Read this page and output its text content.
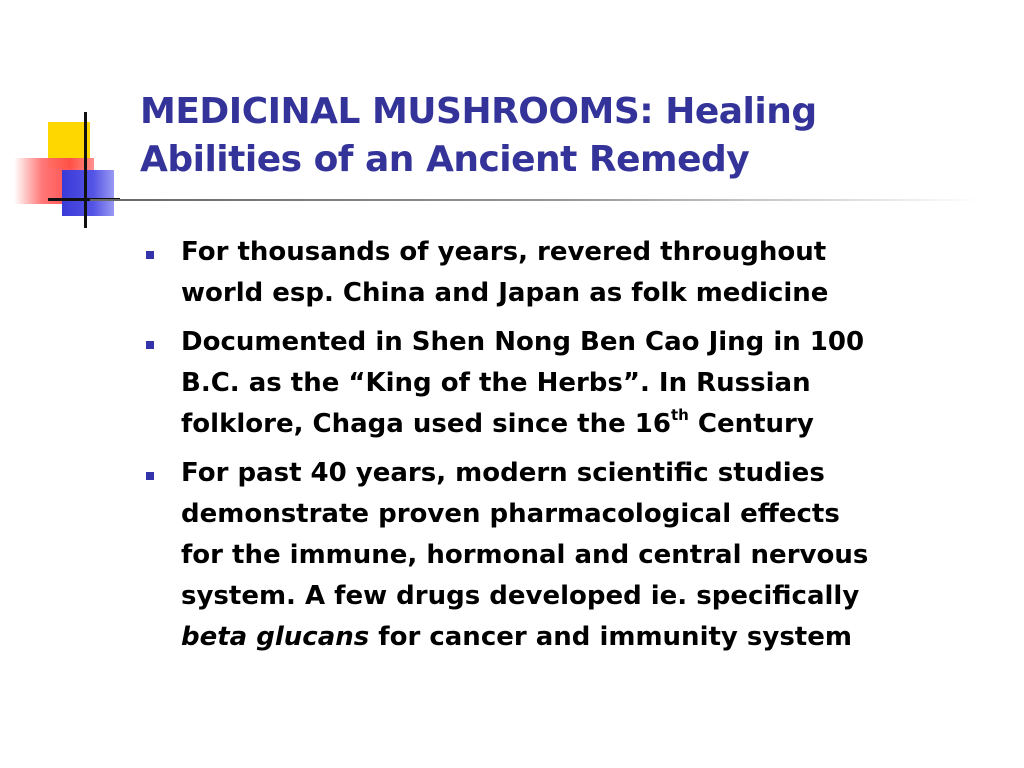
MEDICINAL MUSHROOMS: Healing
Abilities of an Ancient Remedy
For thousands of years, revered throughout
world esp. China and Japan as folk medicine
Documented in Shen Nong Ben Cao Jing in 100
B.C. as the “King of the Herbs”. In Russian
folklore, Chaga used since the 16th Century
For past 40 years, modern scientific studies
demonstrate proven pharmacological effects
for the immune, hormonal and central nervous
system. A few drugs developed ie. specifically
beta glucans for cancer and immunity system
